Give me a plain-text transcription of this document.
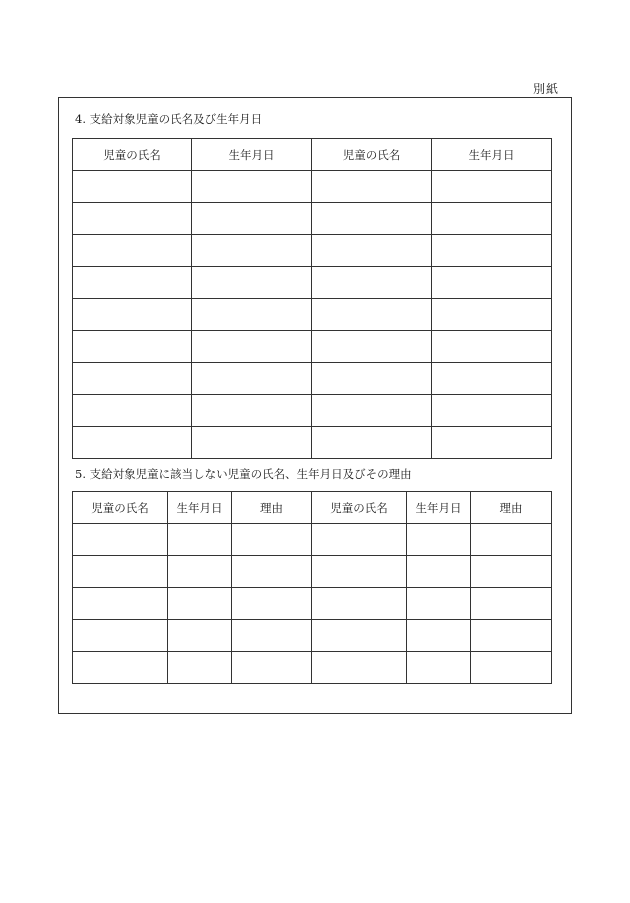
別紙
4. 支給対象児童の氏名及び生年月日
児童の氏名	生年月日	児童の氏名	生年月日

5. 支給対象児童に該当しない児童の氏名、生年月日及びその理由
児童の氏名	生年月日	理由	児童の氏名	生年月日	理由
